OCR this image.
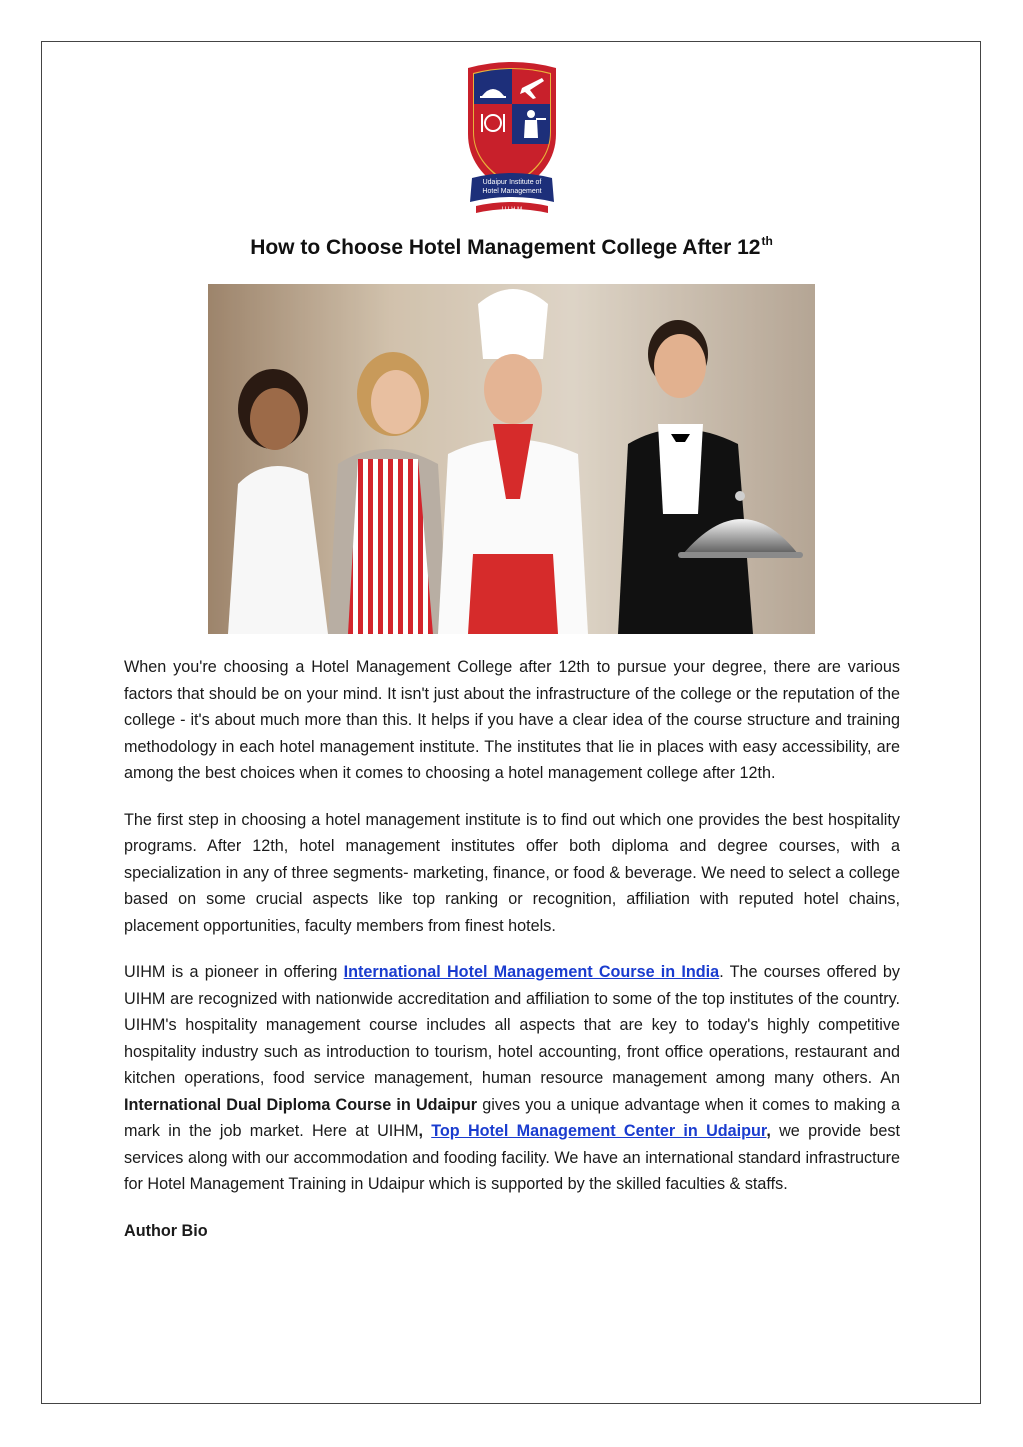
Udaipur Institute of
Hotel Management
U I H M
How to Choose Hotel Management College After 12th

When you're choosing a Hotel Management College after 12th to pursue your degree, there are various factors that should be on your mind. It isn't just about the infrastructure of the college or the reputation of the college - it's about much more than this. It helps if you have a clear idea of the course structure and training methodology in each hotel management institute. The institutes that lie in places with easy accessibility, are among the best choices when it comes to choosing a hotel management college after 12th.

The first step in choosing a hotel management institute is to find out which one provides the best hospitality programs. After 12th, hotel management institutes offer both diploma and degree courses, with a specialization in any of three segments- marketing, finance, or food & beverage. We need to select a college based on some crucial aspects like top ranking or recognition, affiliation with reputed hotel chains, placement opportunities, faculty members from finest hotels.

UIHM is a pioneer in offering International Hotel Management Course in India. The courses offered by UIHM are recognized with nationwide accreditation and affiliation to some of the top institutes of the country. UIHM's hospitality management course includes all aspects that are key to today's highly competitive hospitality industry such as introduction to tourism, hotel accounting, front office operations, restaurant and kitchen operations, food service management, human resource management among many others. An International Dual Diploma Course in Udaipur gives you a unique advantage when it comes to making a mark in the job market. Here at UIHM, Top Hotel Management Center in Udaipur, we provide best services along with our accommodation and fooding facility. We have an international standard infrastructure for Hotel Management Training in Udaipur which is supported by the skilled faculties & staffs.

Author Bio
